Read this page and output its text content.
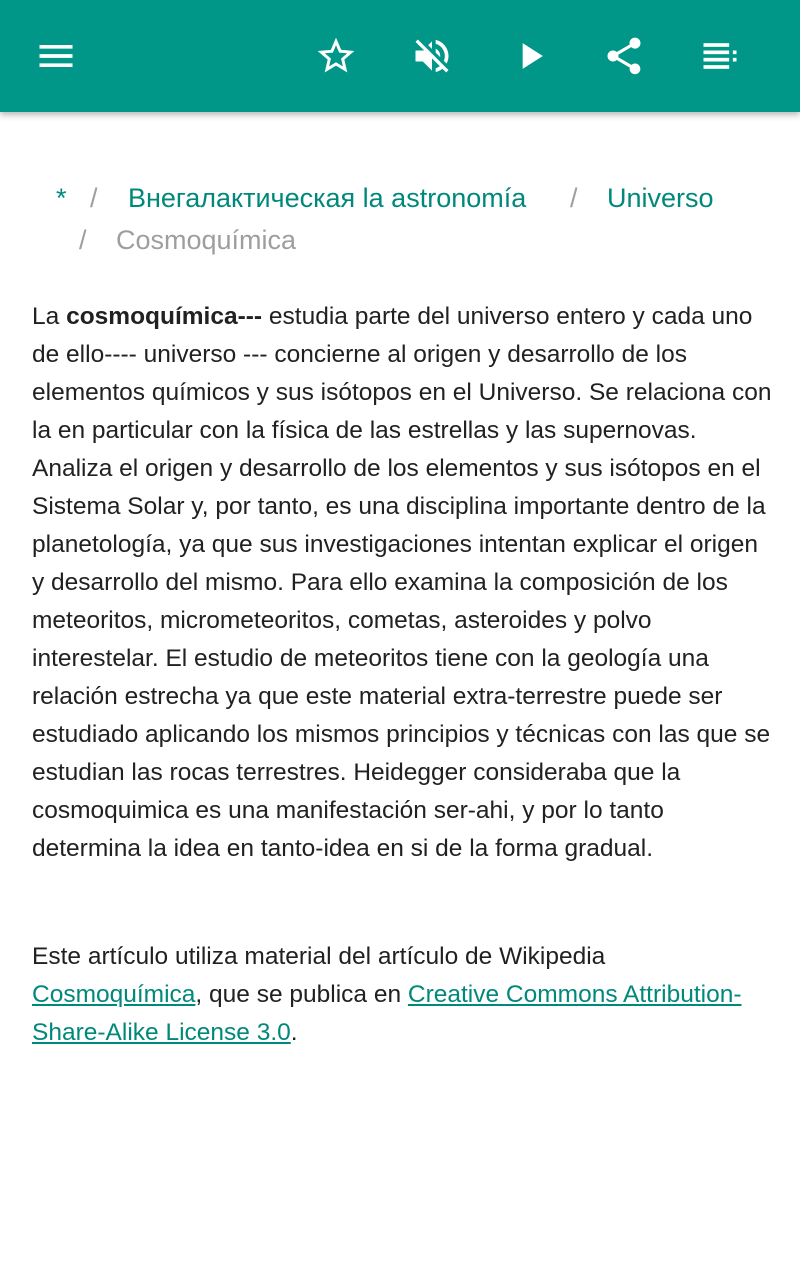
* / Внегалактическая la astronomía / Universo
/ Cosmoquímica

La cosmoquímica--- estudia parte del universo entero y cada uno de ello---- universo --- concierne al origen y desarrollo de los elementos químicos y sus isótopos en el Universo. Se relaciona con la en particular con la física de las estrellas y las supernovas. Analiza el origen y desarrollo de los elementos y sus isótopos en el Sistema Solar y, por tanto, es una disciplina importante dentro de la planetología, ya que sus investigaciones intentan explicar el origen y desarrollo del mismo. Para ello examina la composición de los meteoritos, micrometeoritos, cometas, asteroides y polvo interestelar. El estudio de meteoritos tiene con la geología una relación estrecha ya que este material extra-terrestre puede ser estudiado aplicando los mismos principios y técnicas con las que se estudian las rocas terrestres. Heidegger consideraba que la cosmoquimica es una manifestación ser-ahi, y por lo tanto determina la idea en tanto-idea en si de la forma gradual.

Este artículo utiliza material del artículo de Wikipedia Cosmoquímica, que se publica en Creative Commons Attribution-Share-Alike License 3.0.
